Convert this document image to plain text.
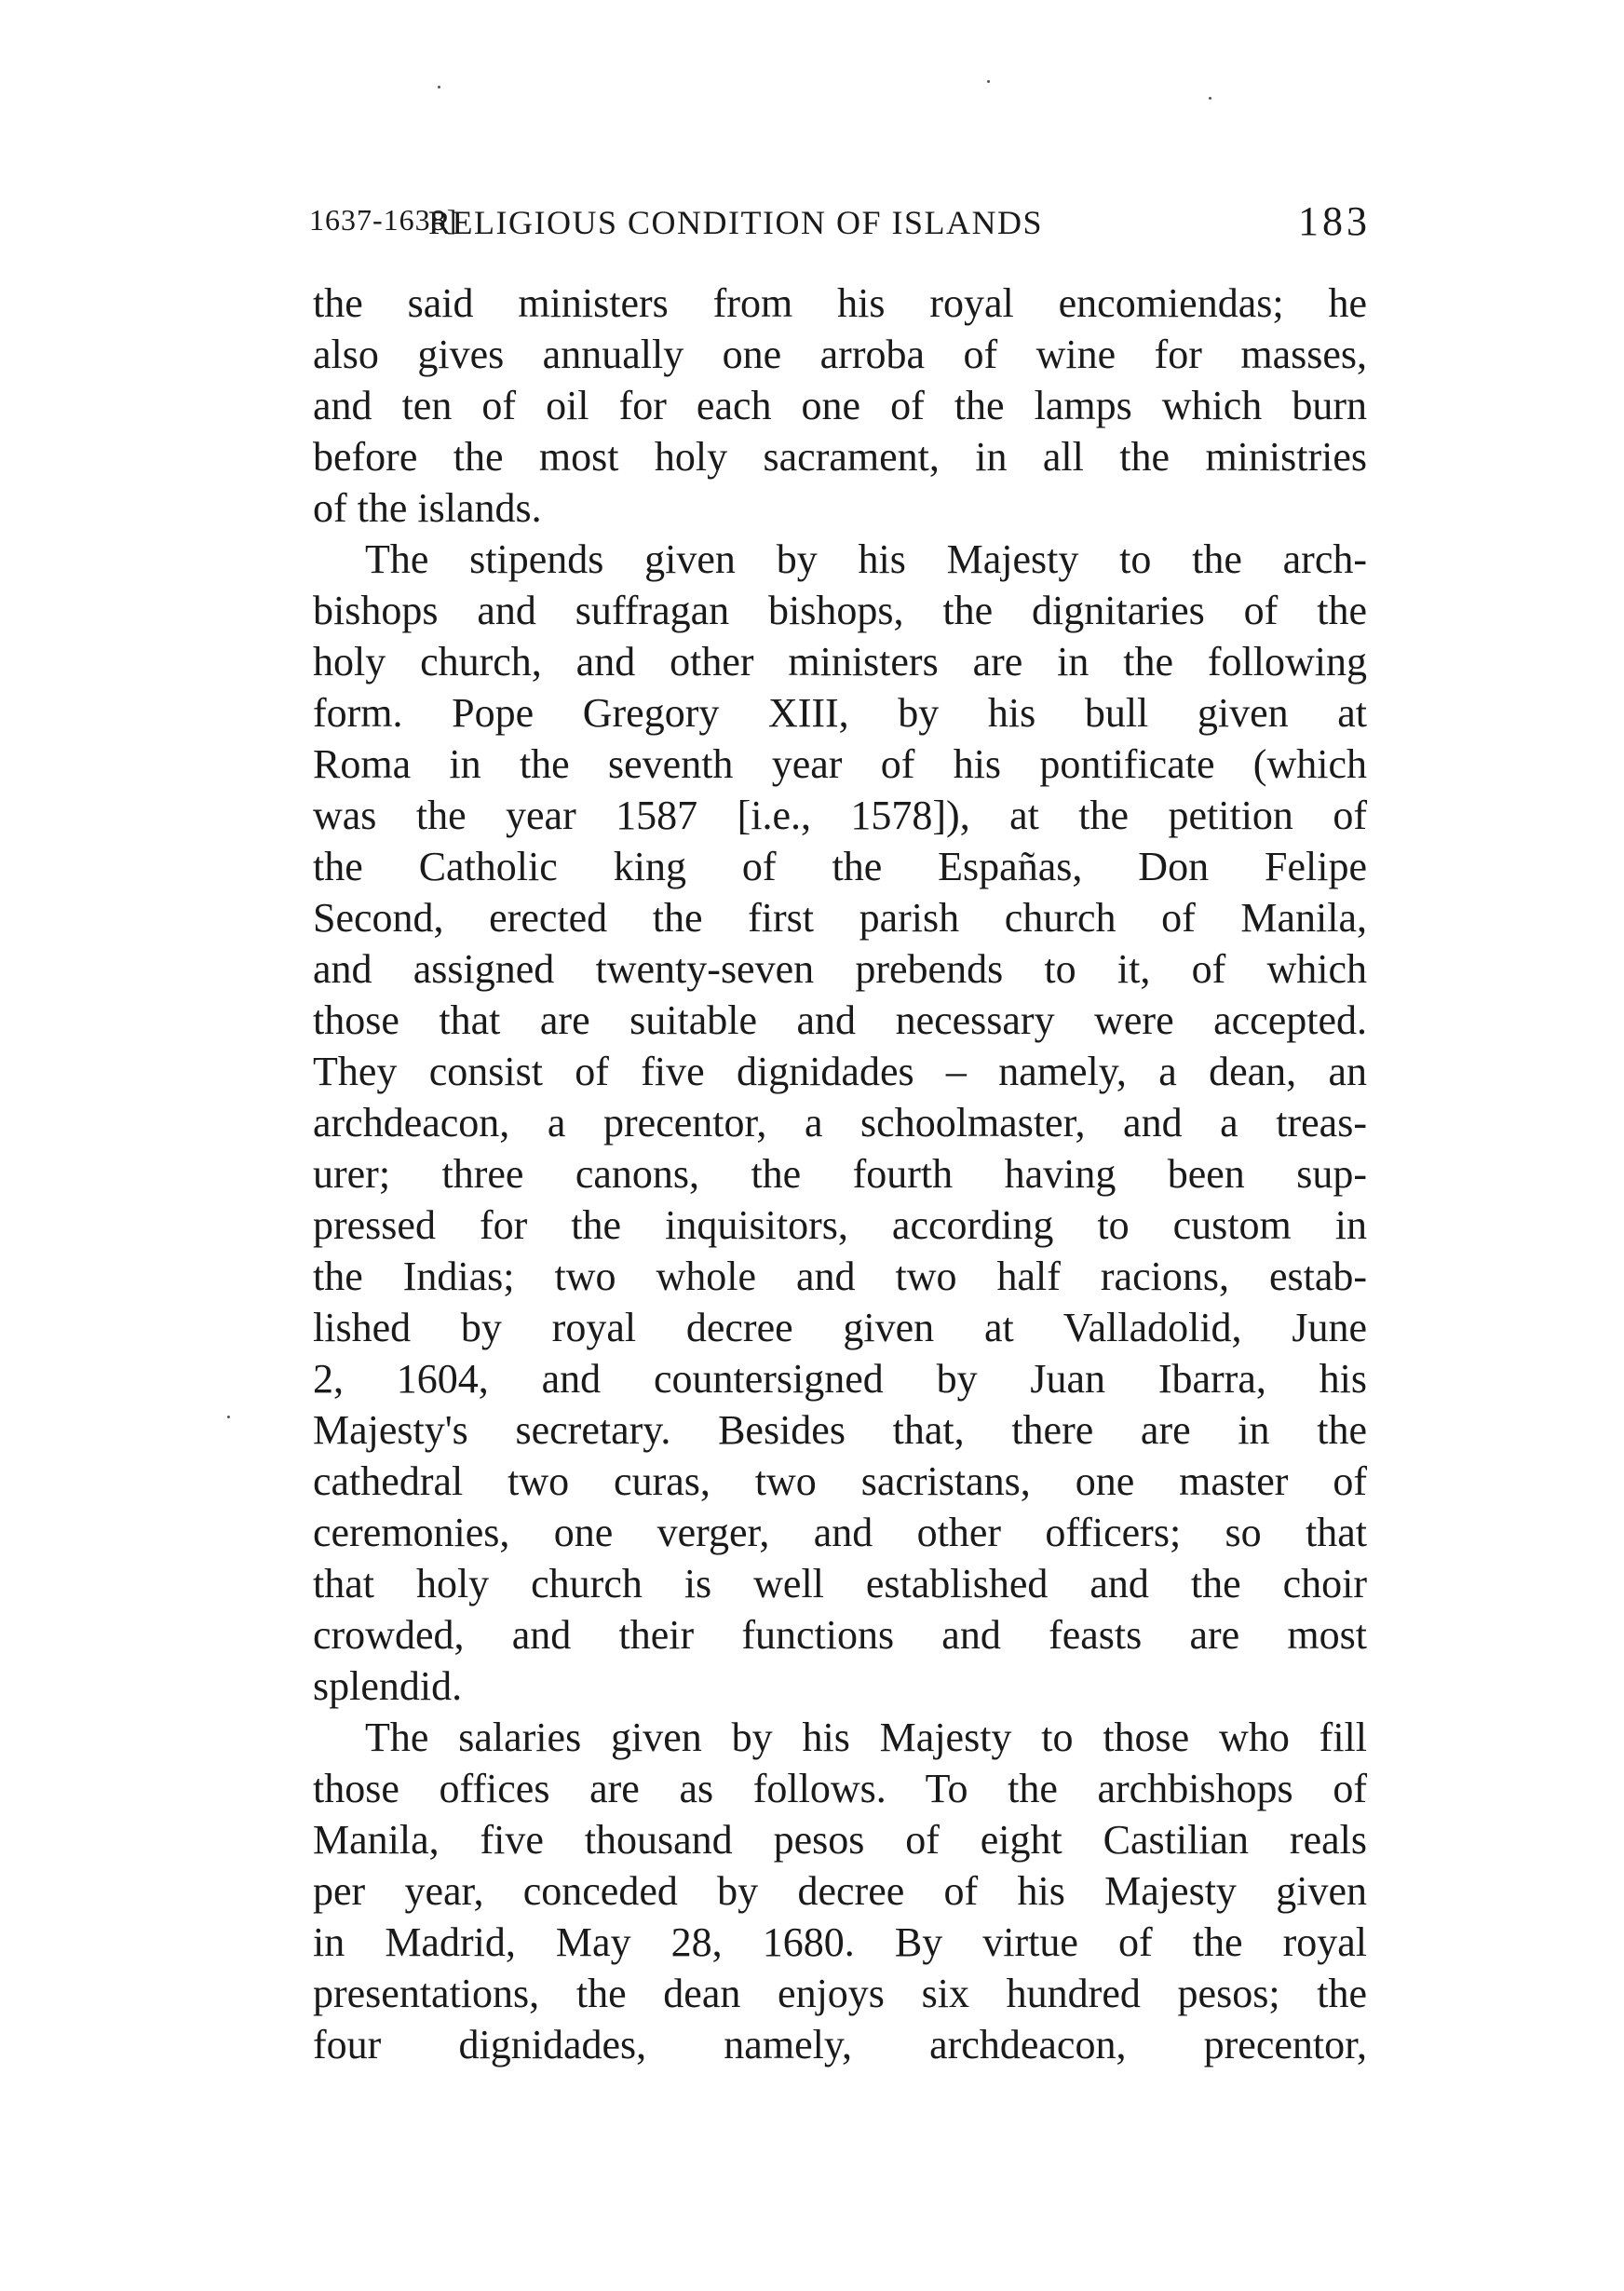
1637-1638]
RELIGIOUS CONDITION OF ISLANDS	183
the said ministers from his royal encomiendas; he
also gives annually one arroba of wine for masses,
and ten of oil for each one of the lamps which burn
before the most holy sacrament, in all the ministries
of the islands.
The stipends given by his Majesty to the arch-
bishops and suffragan bishops, the dignitaries of the
holy church, and other ministers are in the following
form. Pope Gregory XIII, by his bull given at
Roma in the seventh year of his pontificate (which
was the year 1587 [i.e., 1578]), at the petition of
the Catholic king of the Españas, Don Felipe
Second, erected the first parish church of Manila,
and assigned twenty-seven prebends to it, of which
those that are suitable and necessary were accepted.
They consist of five dignidades – namely, a dean, an
archdeacon, a precentor, a schoolmaster, and a treas-
urer; three canons, the fourth having been sup-
pressed for the inquisitors, according to custom in
the Indias; two whole and two half racions, estab-
lished by royal decree given at Valladolid, June
2, 1604, and countersigned by Juan Ibarra, his
Majesty's secretary. Besides that, there are in the
cathedral two curas, two sacristans, one master of
ceremonies, one verger, and other officers; so that
that holy church is well established and the choir
crowded, and their functions and feasts are most
splendid.
The salaries given by his Majesty to those who fill
those offices are as follows. To the archbishops of
Manila, five thousand pesos of eight Castilian reals
per year, conceded by decree of his Majesty given
in Madrid, May 28, 1680. By virtue of the royal
presentations, the dean enjoys six hundred pesos; the
four dignidades, namely, archdeacon, precentor,
